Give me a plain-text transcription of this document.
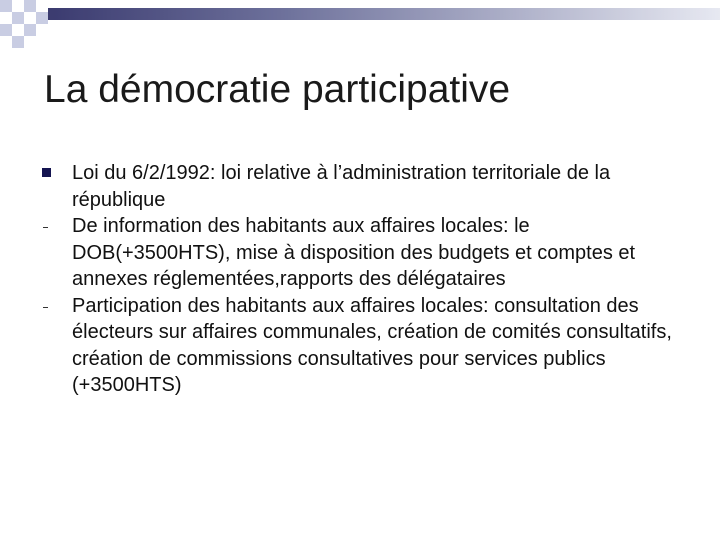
La démocratie participative
Loi du 6/2/1992: loi relative à l’administration territoriale de la république
De information des habitants aux affaires locales: le DOB(+3500HTS), mise à disposition des budgets et comptes et annexes réglementées,rapports des délégataires
Participation des habitants aux affaires locales: consultation des électeurs sur affaires communales, création de comités consultatifs, création de commissions consultatives pour services publics (+3500HTS)
